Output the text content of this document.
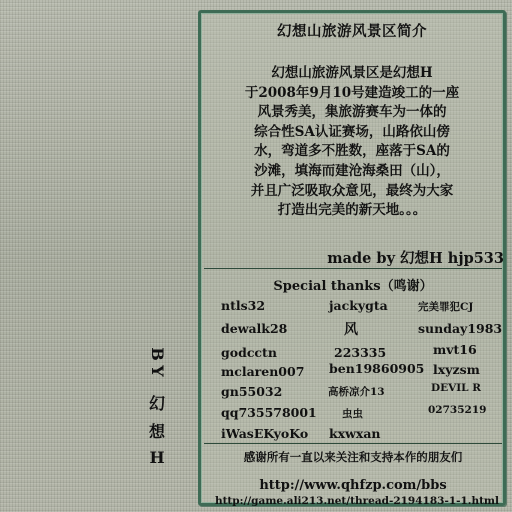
幻想山旅游风景区简介
幻想山旅游风景区是幻想H
于2008年9月10号建造竣工的一座
风景秀美，集旅游赛车为一体的
综合性SA认证赛场，山路依山傍
水，弯道多不胜数，座落于SA的
沙滩，填海而建沧海桑田（山），
并且广泛吸取众意见，最终为大家
打造出完美的新天地。。。
made by 幻想H hjp533
Special thanks（鸣谢）
ntls32
dewalk28
godcctn
mclaren007
gn55032
qq735578001
iWasEKyoKo
jackygta
风
223335
ben19860905
高桥凉介13
虫虫
kxwxan
完美罪犯CJ
sunday1983
mvt16
lxyzsm
DEVIL R
02735219
感谢所有一直以来关注和支持本作的朋友们
http://www.qhfzp.com/bbs
http://game.ali213.net/thread-2194183-1-1.html
B
Y
幻
想
H
